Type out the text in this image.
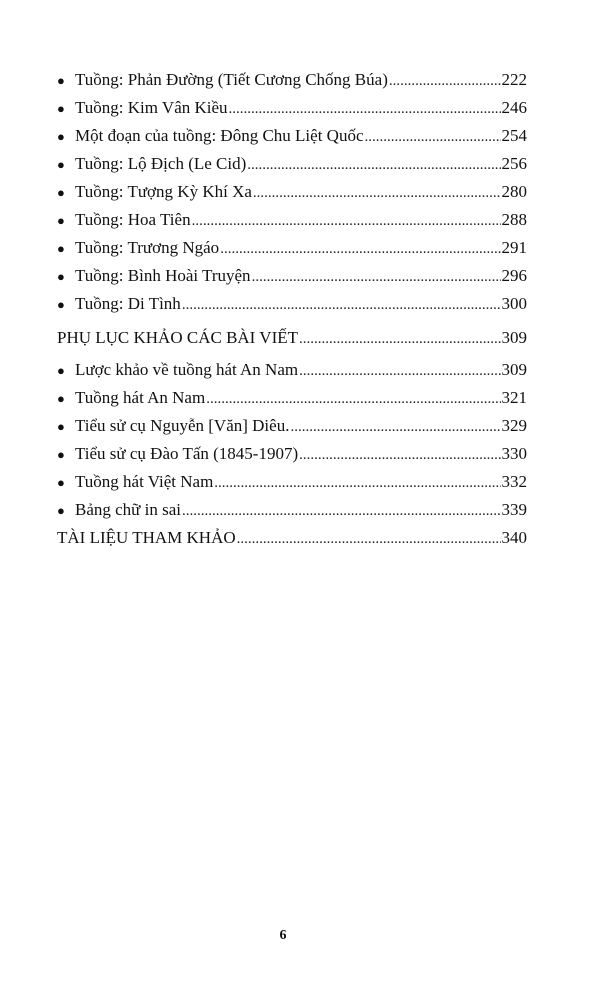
● Tuồng: Phản Đường (Tiết Cương Chống Búa) .....	222
● Tuồng: Kim Vân Kiều .....	246
● Một đoạn của tuồng: Đông Chu Liệt Quốc .....	254
● Tuồng: Lộ Địch (Le Cid) .....	256
● Tuồng: Tượng Kỳ Khí Xa .....	280
● Tuồng: Hoa Tiên .....	288
● Tuồng: Trương Ngáo .....	291
● Tuồng: Bình Hoài Truyện .....	296
● Tuồng: Di Tình .....	300
PHỤ LỤC KHẢO CÁC BÀI VIẾT .....	309
● Lược khảo về tuồng hát An Nam .....	309
● Tuồng hát An Nam .....	321
● Tiểu sử cụ Nguyễn [Văn] Diêu. .....	329
● Tiểu sử cụ Đào Tấn (1845-1907) .....	330
● Tuồng hát Việt Nam .....	332
● Bảng chữ in sai .....	339
TÀI LIỆU THAM KHẢO .....	340
6
